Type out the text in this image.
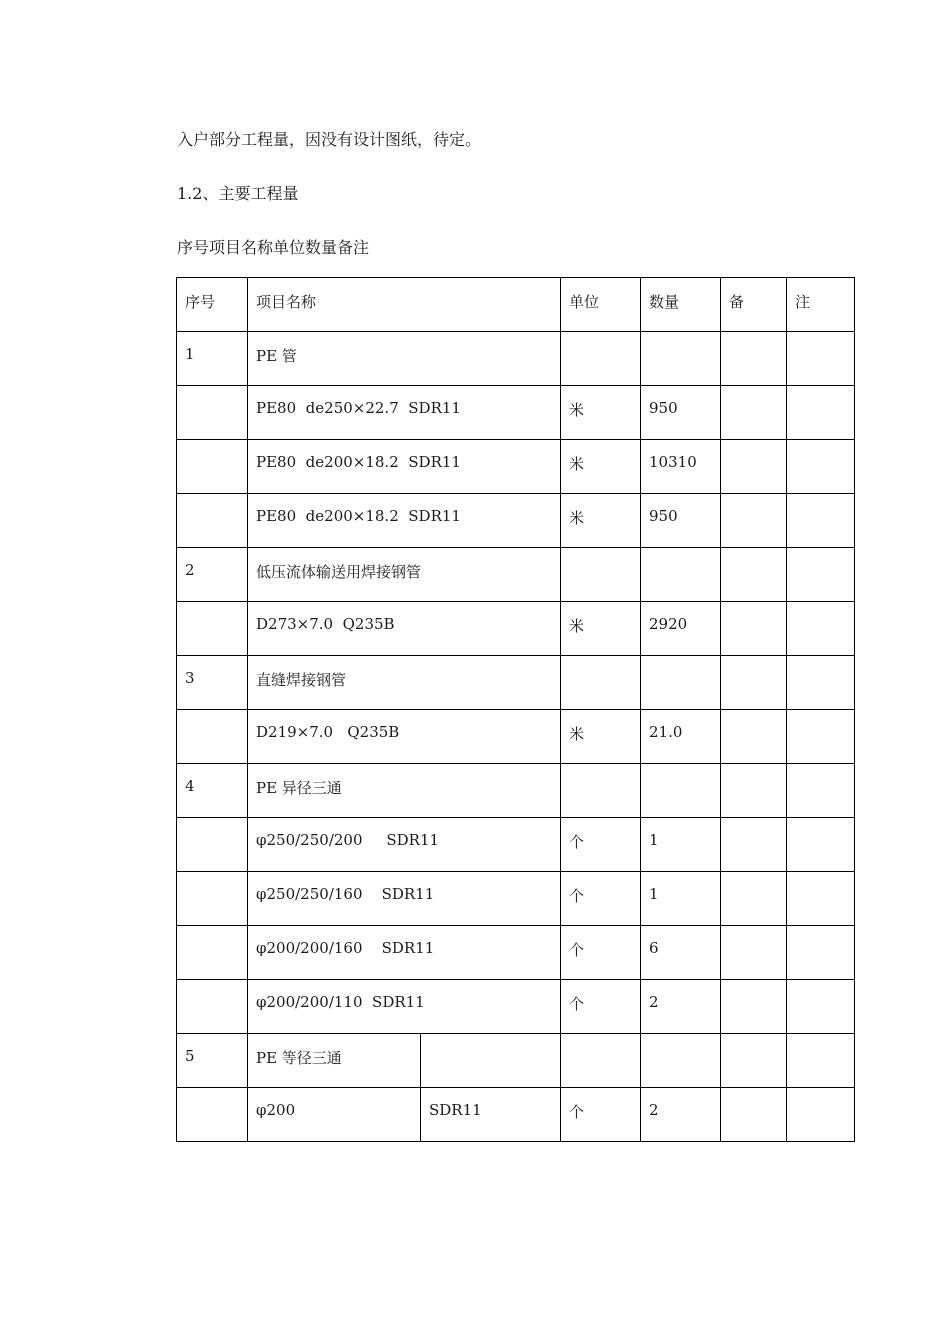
入户部分工程量，因没有设计图纸，待定。
1.2、主要工程量
序号项目名称单位数量备注
序号	项目名称		单位	数量	备	注
1	PE 管					
	PE80  de250×22.7  SDR11		米	950		
	PE80  de200×18.2  SDR11		米	10310		
	PE80  de200×18.2  SDR11		米	950		
2	低压流体输送用焊接钢管					
	D273×7.0  Q235B		米	2920		
3	直缝焊接钢管					
	D219×7.0   Q235B		米	21.0		
4	PE 异径三通					
	φ250/250/200     SDR11		个	1		
	φ250/250/160    SDR11		个	1		
	φ200/200/160    SDR11		个	6		
	φ200/200/110  SDR11		个	2		
5	PE 等径三通					
	φ200	SDR11	个	2		
